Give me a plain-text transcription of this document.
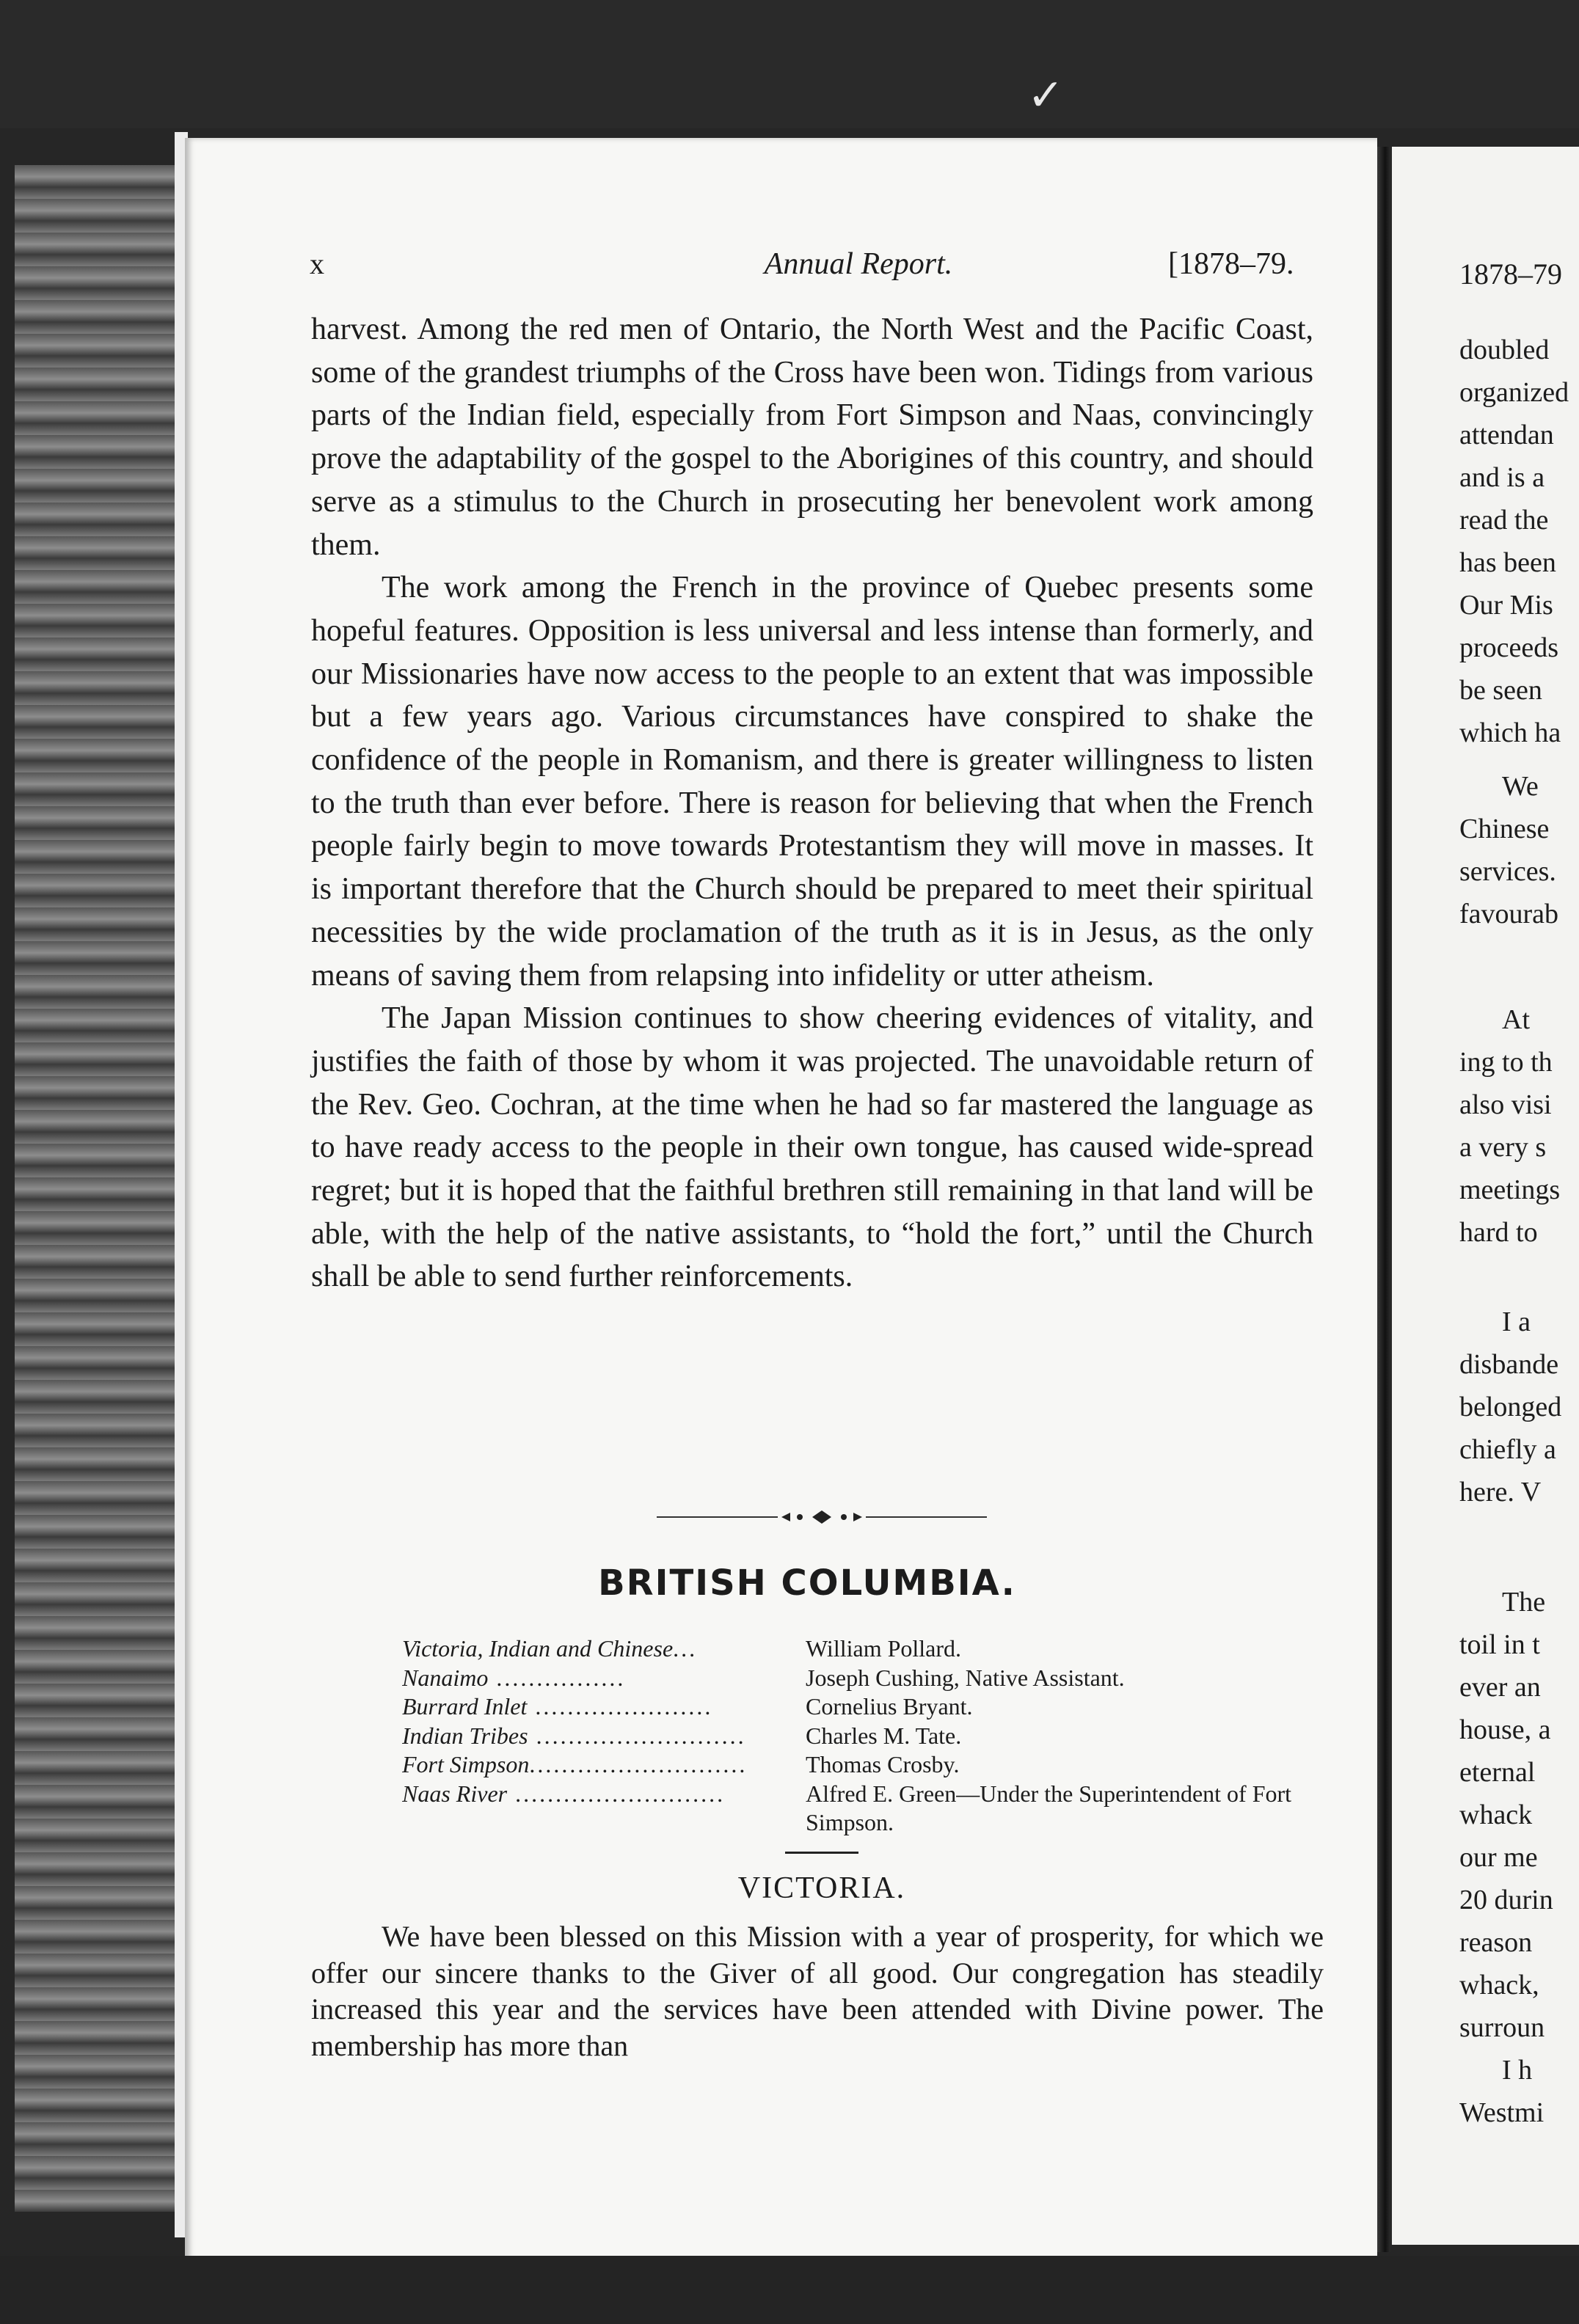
✓
x	Annual Report.	[1878–79.

harvest. Among the red men of Ontario, the North West and the Pacific Coast, some of the grandest triumphs of the Cross have been won. Tidings from various parts of the Indian field, especially from Fort Simpson and Naas, convincingly prove the adaptability of the gospel to the Aborigines of this country, and should serve as a stimulus to the Church in prosecuting her benevolent work among them.

The work among the French in the province of Quebec presents some hopeful features. Opposition is less universal and less intense than formerly, and our Missionaries have now access to the people to an extent that was impossible but a few years ago. Various circumstances have conspired to shake the confidence of the people in Romanism, and there is greater willingness to listen to the truth than ever before. There is reason for believing that when the French people fairly begin to move towards Protestantism they will move in masses. It is important therefore that the Church should be prepared to meet their spiritual necessities by the wide proclamation of the truth as it is in Jesus, as the only means of saving them from relapsing into infidelity or utter atheism.

The Japan Mission continues to show cheering evidences of vitality, and justifies the faith of those by whom it was projected. The unavoidable return of the Rev. Geo. Cochran, at the time when he had so far mastered the language as to have ready access to the people in their own tongue, has caused wide-spread regret; but it is hoped that the faithful brethren still remaining in that land will be able, with the help of the native assistants, to “hold the fort,” until the Church shall be able to send further reinforcements.

BRITISH COLUMBIA.
Victoria, Indian and Chinese...	William Pollard.
Nanaimo ................	Joseph Cushing, Native Assistant.
Burrard Inlet ......................	Cornelius Bryant.
Indian Tribes ..........................	Charles M. Tate.
Fort Simpson...........................	Thomas Crosby.
Naas River ..........................	Alfred E. Green—Under the Superintendent of Fort Simpson.
VICTORIA.

We have been blessed on this Mission with a year of prosperity, for which we offer our sincere thanks to the Giver of all good. Our congregation has steadily increased this year and the services have been attended with Divine power. The membership has more than

1878–79
doubled
organized
attendan
and is a
read the
has been
Our Mis
proceeds
be seen
which ha
We
Chinese
services.
favourab
At
ing to th
also visi
a very s
meetings
hard to
I a
disbande
belonged
chiefly a
here. V
The
toil in t
ever an
house, a
eternal
whack
our me
20 durin
reason
whack,
surroun
I h
Westmi
